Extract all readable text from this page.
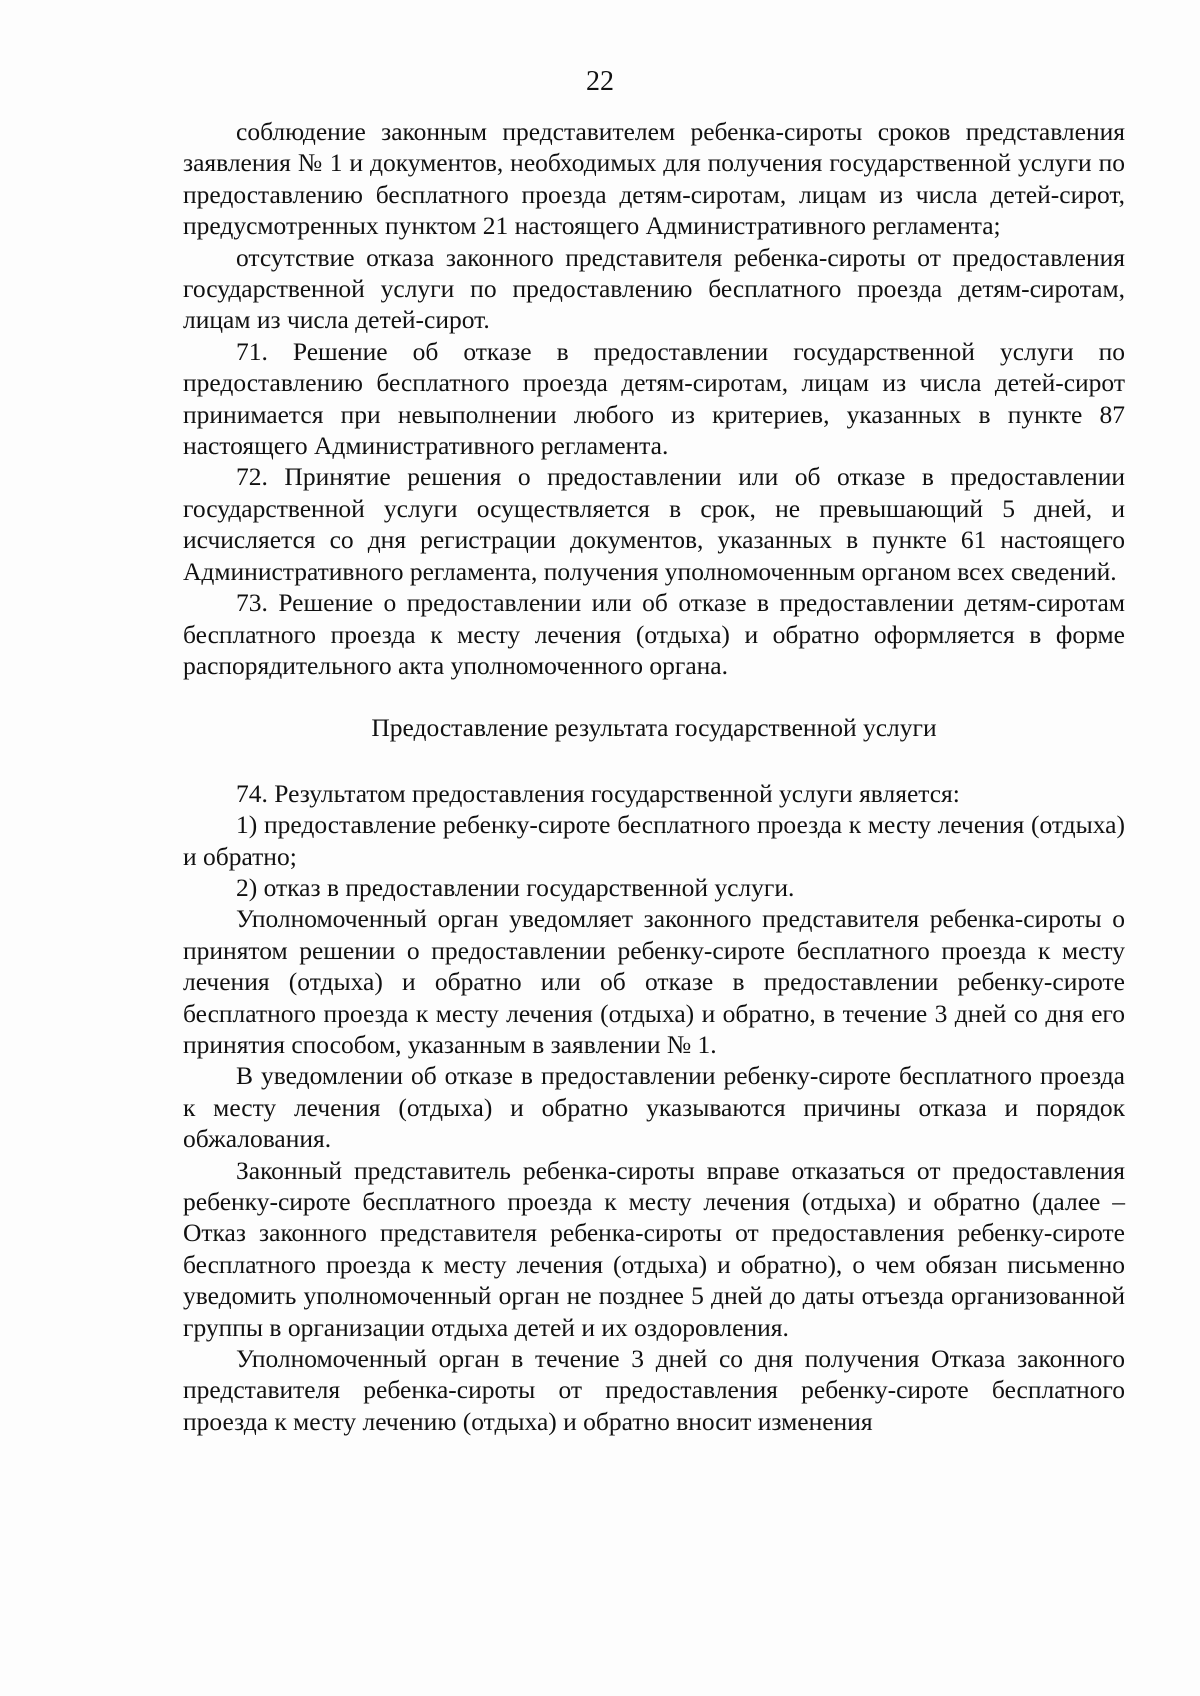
22

соблюдение законным представителем ребенка-сироты сроков представления заявления № 1 и документов, необходимых для получения государственной услуги по предоставлению бесплатного проезда детям-сиротам, лицам из числа детей-сирот, предусмотренных пунктом 21 настоящего Административного регламента;

отсутствие отказа законного представителя ребенка-сироты от предоставления государственной услуги по предоставлению бесплатного проезда детям-сиротам, лицам из числа детей-сирот.

71. Решение об отказе в предоставлении государственной услуги по предоставлению бесплатного проезда детям-сиротам, лицам из числа детей-сирот принимается при невыполнении любого из критериев, указанных в пункте 87 настоящего Административного регламента.

72. Принятие решения о предоставлении или об отказе в предоставлении государственной услуги осуществляется в срок, не превышающий 5 дней, и исчисляется со дня регистрации документов, указанных в пункте 61 настоящего Административного регламента, получения уполномоченным органом всех сведений.

73. Решение о предоставлении или об отказе в предоставлении детям-сиротам бесплатного проезда к месту лечения (отдыха) и обратно оформляется в форме распорядительного акта уполномоченного органа.

Предоставление результата государственной услуги

74. Результатом предоставления государственной услуги является:

1) предоставление ребенку-сироте бесплатного проезда к месту лечения (отдыха) и обратно;

2) отказ в предоставлении государственной услуги.

Уполномоченный орган уведомляет законного представителя ребенка-сироты о принятом решении о предоставлении ребенку-сироте бесплатного проезда к месту лечения (отдыха) и обратно или об отказе в предоставлении ребенку-сироте бесплатного проезда к месту лечения (отдыха) и обратно, в течение 3 дней со дня его принятия способом, указанным в заявлении № 1.

В уведомлении об отказе в предоставлении ребенку-сироте бесплатного проезда к месту лечения (отдыха) и обратно указываются причины отказа и порядок обжалования.

Законный представитель ребенка-сироты вправе отказаться от предоставления ребенку-сироте бесплатного проезда к месту лечения (отдыха) и обратно (далее – Отказ законного представителя ребенка-сироты от предоставления ребенку-сироте бесплатного проезда к месту лечения (отдыха) и обратно), о чем обязан письменно уведомить уполномоченный орган не позднее 5 дней до даты отъезда организованной группы в организации отдыха детей и их оздоровления.

Уполномоченный орган в течение 3 дней со дня получения Отказа законного представителя ребенка-сироты от предоставления ребенку-сироте бесплатного проезда к месту лечению (отдыха) и обратно вносит изменения
